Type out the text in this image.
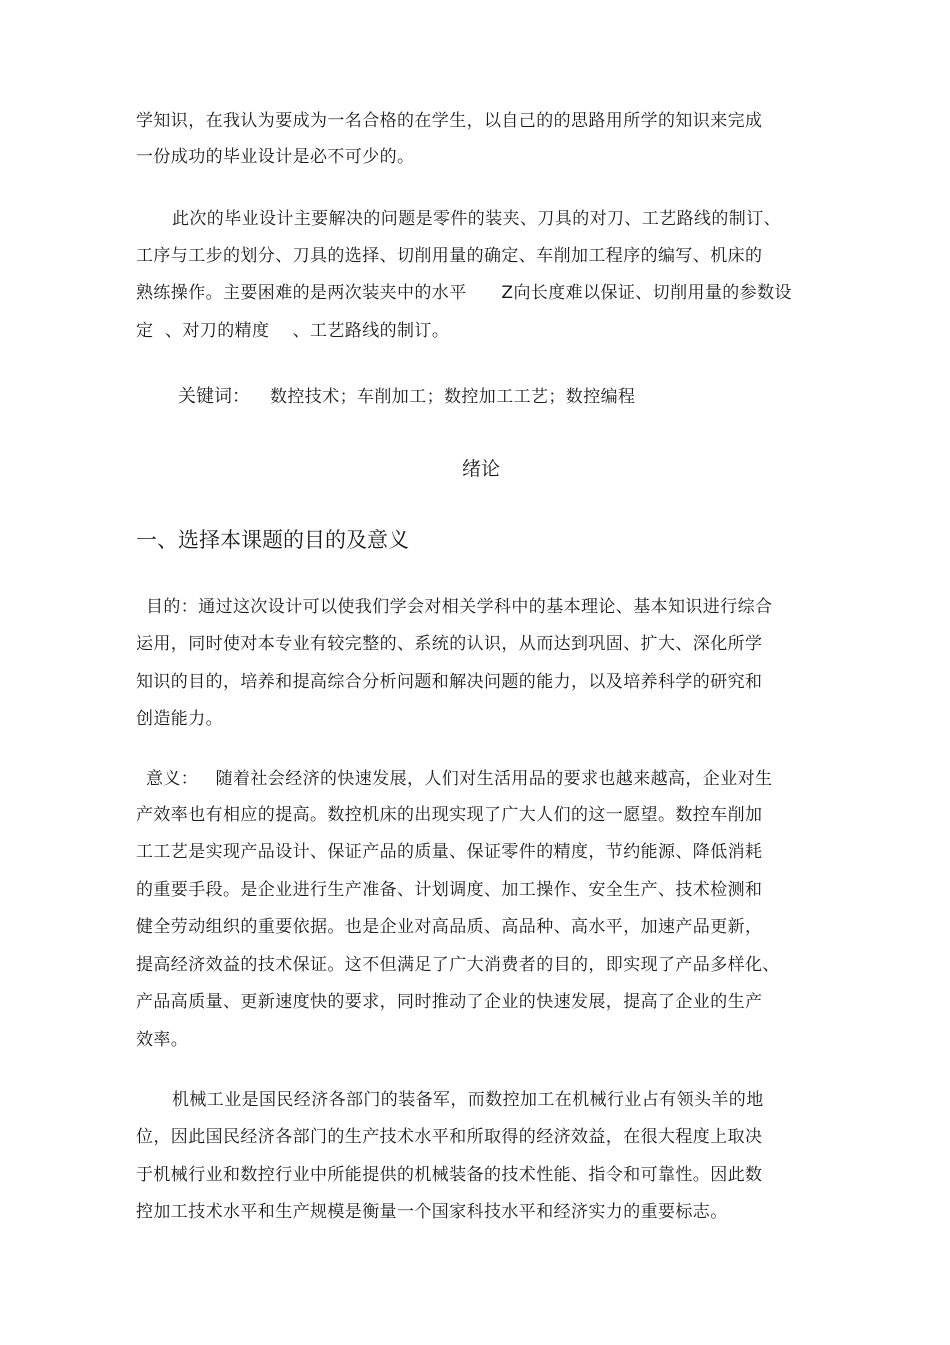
学知识，在我认为要成为一名合格的在学生，以自己的的思路用所学的知识来完成
一份成功的毕业设计是必不可少的。
此次的毕业设计主要解决的问题是零件的装夹、刀具的对刀、工艺路线的制订、
工序与工步的划分、刀具的选择、切削用量的确定、车削加工程序的编写、机床的
熟练操作。主要困难的是两次装夹中的水平      Z向长度难以保证、切削用量的参数设
定  、对刀的精度    、工艺路线的制订。
关键词： 数控技术；车削加工；数控加工工艺；数控编程
绪论
一、选择本课题的目的及意义
目的：通过这次设计可以使我们学会对相关学科中的基本理论、基本知识进行综合
运用，同时使对本专业有较完整的、系统的认识，从而达到巩固、扩大、深化所学
知识的目的，培养和提高综合分析问题和解决问题的能力，以及培养科学的研究和
创造能力。
意义：   随着社会经济的快速发展，人们对生活用品的要求也越来越高，企业对生
产效率也有相应的提高。数控机床的出现实现了广大人们的这一愿望。数控车削加
工工艺是实现产品设计、保证产品的质量、保证零件的精度，节约能源、降低消耗
的重要手段。是企业进行生产准备、计划调度、加工操作、安全生产、技术检测和
健全劳动组织的重要依据。也是企业对高品质、高品种、高水平，加速产品更新，
提高经济效益的技术保证。这不但满足了广大消费者的目的，即实现了产品多样化、
产品高质量、更新速度快的要求，同时推动了企业的快速发展，提高了企业的生产
效率。
机械工业是国民经济各部门的装备军，而数控加工在机械行业占有领头羊的地
位，因此国民经济各部门的生产技术水平和所取得的经济效益，在很大程度上取决
于机械行业和数控行业中所能提供的机械装备的技术性能、指令和可靠性。因此数
控加工技术水平和生产规模是衡量一个国家科技水平和经济实力的重要标志。
